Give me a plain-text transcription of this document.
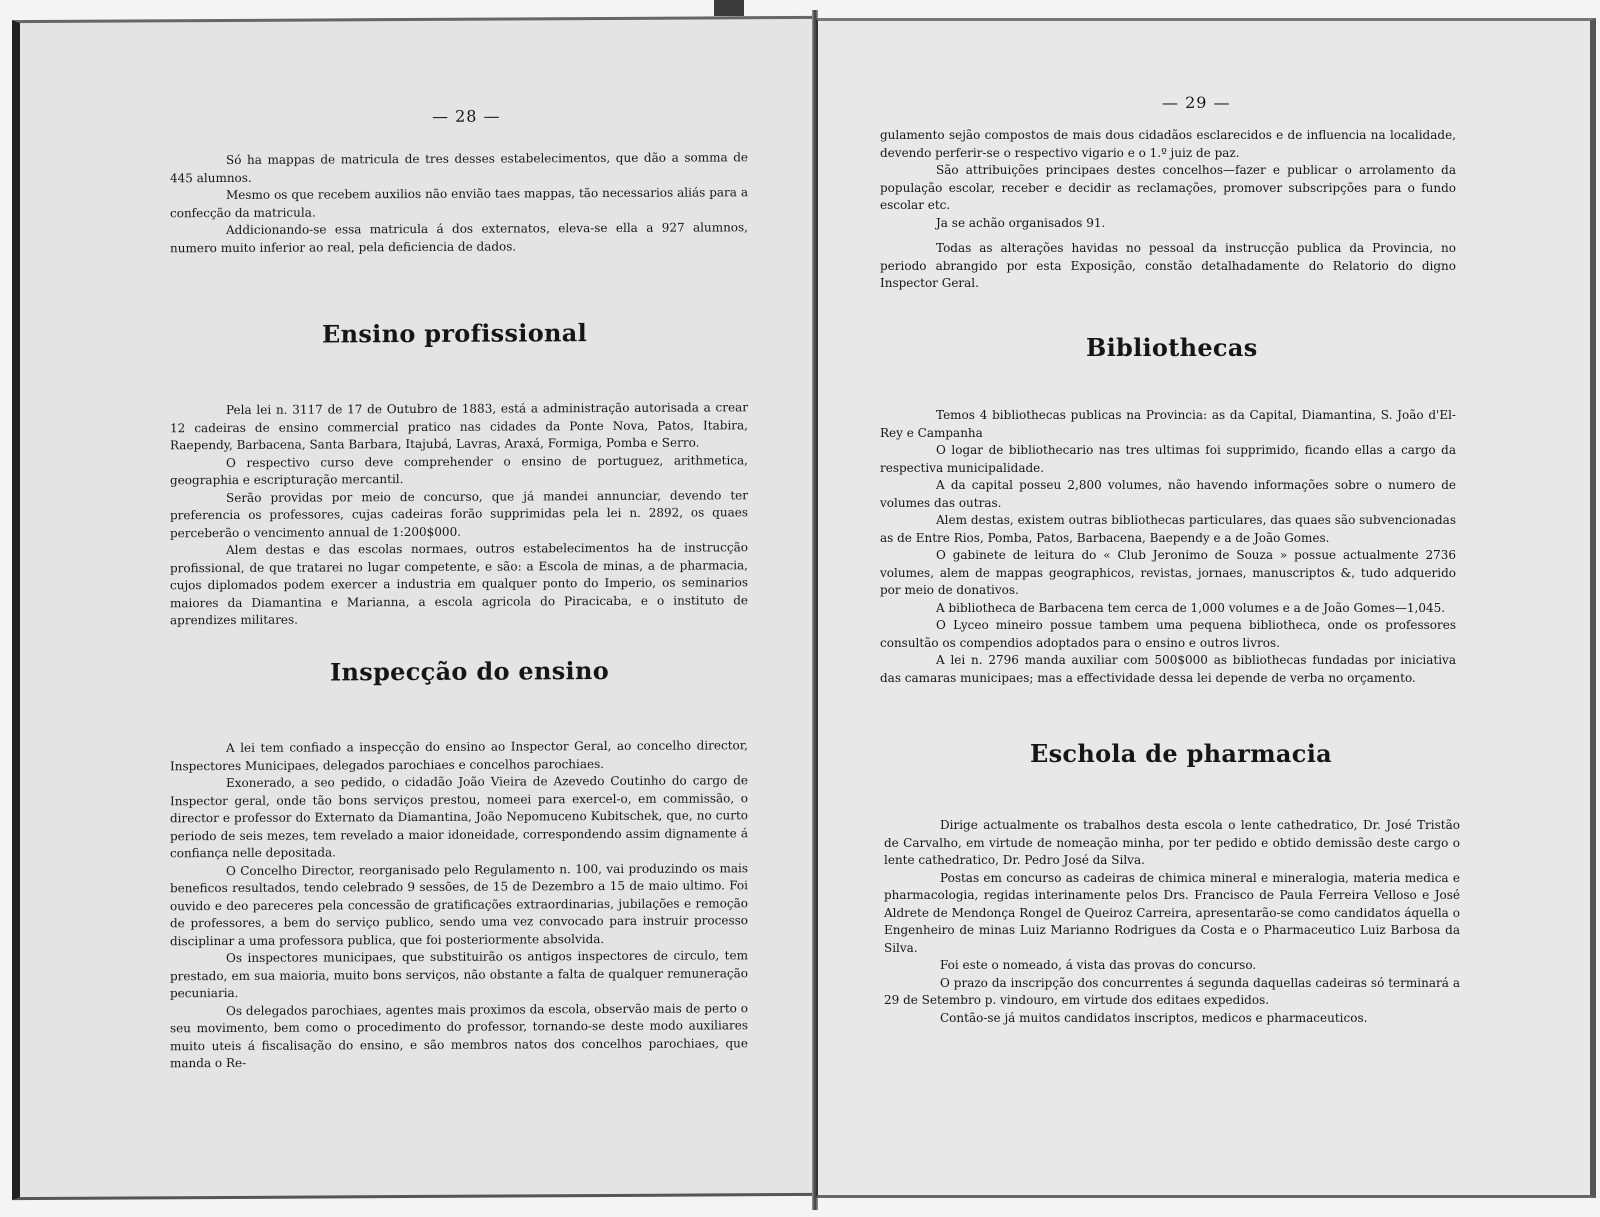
— 28 —

Só ha mappas de matricula de tres desses estabelecimentos, que dão a somma de 445 alumnos.

Mesmo os que recebem auxilios não envião taes mappas, tão necessarios aliás para a confecção da matricula.

Addicionando-se essa matricula á dos externatos, eleva-se ella a 927 alumnos, numero muito inferior ao real, pela deficiencia de dados.

Ensino profissional

Pela lei n. 3117 de 17 de Outubro de 1883, está a administração autorisada a crear 12 cadeiras de ensino commercial pratico nas cidades da Ponte Nova, Patos, Itabira, Raependy, Barbacena, Santa Barbara, Itajubá, Lavras, Araxá, Formiga, Pomba e Serro.

O respectivo curso deve comprehender o ensino de portuguez, arithmetica, geographia e escripturação mercantil.

Serão providas por meio de concurso, que já mandei annunciar, devendo ter preferencia os professores, cujas cadeiras forão supprimidas pela lei n. 2892, os quaes perceberão o vencimento annual de 1:200$000.

Alem destas e das escolas normaes, outros estabelecimentos ha de instrucção profissional, de que tratarei no lugar competente, e são: a Escola de minas, a de pharmacia, cujos diplomados podem exercer a industria em qualquer ponto do Imperio, os seminarios maiores da Diamantina e Marianna, a escola agricola do Piracicaba, e o instituto de aprendizes militares.

Inspecção do ensino

A lei tem confiado a inspecção do ensino ao Inspector Geral, ao concelho director, Inspectores Municipaes, delegados parochiaes e concelhos parochiaes.

Exonerado, a seo pedido, o cidadão João Vieira de Azevedo Coutinho do cargo de Inspector geral, onde tão bons serviços prestou, nomeei para exercel-o, em commissão, o director e professor do Externato da Diamantina, João Nepomuceno Kubitschek, que, no curto periodo de seis mezes, tem revelado a maior idoneidade, correspondendo assim dignamente á confiança nelle depositada.

O Concelho Director, reorganisado pelo Regulamento n. 100, vai produzindo os mais beneficos resultados, tendo celebrado 9 sessões, de 15 de Dezembro a 15 de maio ultimo. Foi ouvido e deo pareceres pela concessão de gratificações extraordinarias, jubilações e remoção de professores, a bem do serviço publico, sendo uma vez convocado para instruir processo disciplinar a uma professora publica, que foi posteriormente absolvida.

Os inspectores municipaes, que substituirão os antigos inspectores de circulo, tem prestado, em sua maioria, muito bons serviços, não obstante a falta de qualquer remuneração pecuniaria.

Os delegados parochiaes, agentes mais proximos da escola, observão mais de perto o seu movimento, bem como o procedimento do professor, tornando-se deste modo auxiliares muito uteis á fiscalisação do ensino, e são membros natos dos concelhos parochiaes, que manda o Re-

— 29 —

gulamento sejão compostos de mais dous cidadãos esclarecidos e de influencia na localidade, devendo perferir-se o respectivo vigario e o 1.º juiz de paz.

São attribuições principaes destes concelhos—fazer e publicar o arrolamento da população escolar, receber e decidir as reclamações, promover subscripções para o fundo escolar etc.

Ja se achão organisados 91.

Todas as alterações havidas no pessoal da instrucção publica da Provincia, no periodo abrangido por esta Exposição, constão detalhadamente do Relatorio do digno Inspector Geral.

Bibliothecas

Temos 4 bibliothecas publicas na Provincia: as da Capital, Diamantina, S. João d'El-Rey e Campanha

O logar de bibliothecario nas tres ultimas foi supprimido, ficando ellas a cargo da respectiva municipalidade.

A da capital posseu 2,800 volumes, não havendo informações sobre o numero de volumes das outras.

Alem destas, existem outras bibliothecas particulares, das quaes são subvencionadas as de Entre Rios, Pomba, Patos, Barbacena, Baependy e a de João Gomes.

O gabinete de leitura do « Club Jeronimo de Souza » possue actualmente 2736 volumes, alem de mappas geographicos, revistas, jornaes, manuscriptos &, tudo adquerido por meio de donativos.

A bibliotheca de Barbacena tem cerca de 1,000 volumes e a de João Gomes—1,045.

O Lyceo mineiro possue tambem uma pequena bibliotheca, onde os professores consultão os compendios adoptados para o ensino e outros livros.

A lei n. 2796 manda auxiliar com 500$000 as bibliothecas fundadas por iniciativa das camaras municipaes; mas a effectividade dessa lei depende de verba no orçamento.

Eschola de pharmacia

Dirige actualmente os trabalhos desta escola o lente cathedratico, Dr. José Tristão de Carvalho, em virtude de nomeação minha, por ter pedido e obtido demissão deste cargo o lente cathedratico, Dr. Pedro José da Silva.

Postas em concurso as cadeiras de chimica mineral e mineralogia, materia medica e pharmacologia, regidas interinamente pelos Drs. Francisco de Paula Ferreira Velloso e José Aldrete de Mendonça Rongel de Queiroz Carreira, apresentarão-se como candidatos áquella o Engenheiro de minas Luiz Marianno Rodrigues da Costa e o Pharmaceutico Luiz Barbosa da Silva.

Foi este o nomeado, á vista das provas do concurso.

O prazo da inscripção dos concurrentes á segunda daquellas cadeiras só terminará a 29 de Setembro p. vindouro, em virtude dos editaes expedidos.

Contão-se já muitos candidatos inscriptos, medicos e pharmaceuticos.
